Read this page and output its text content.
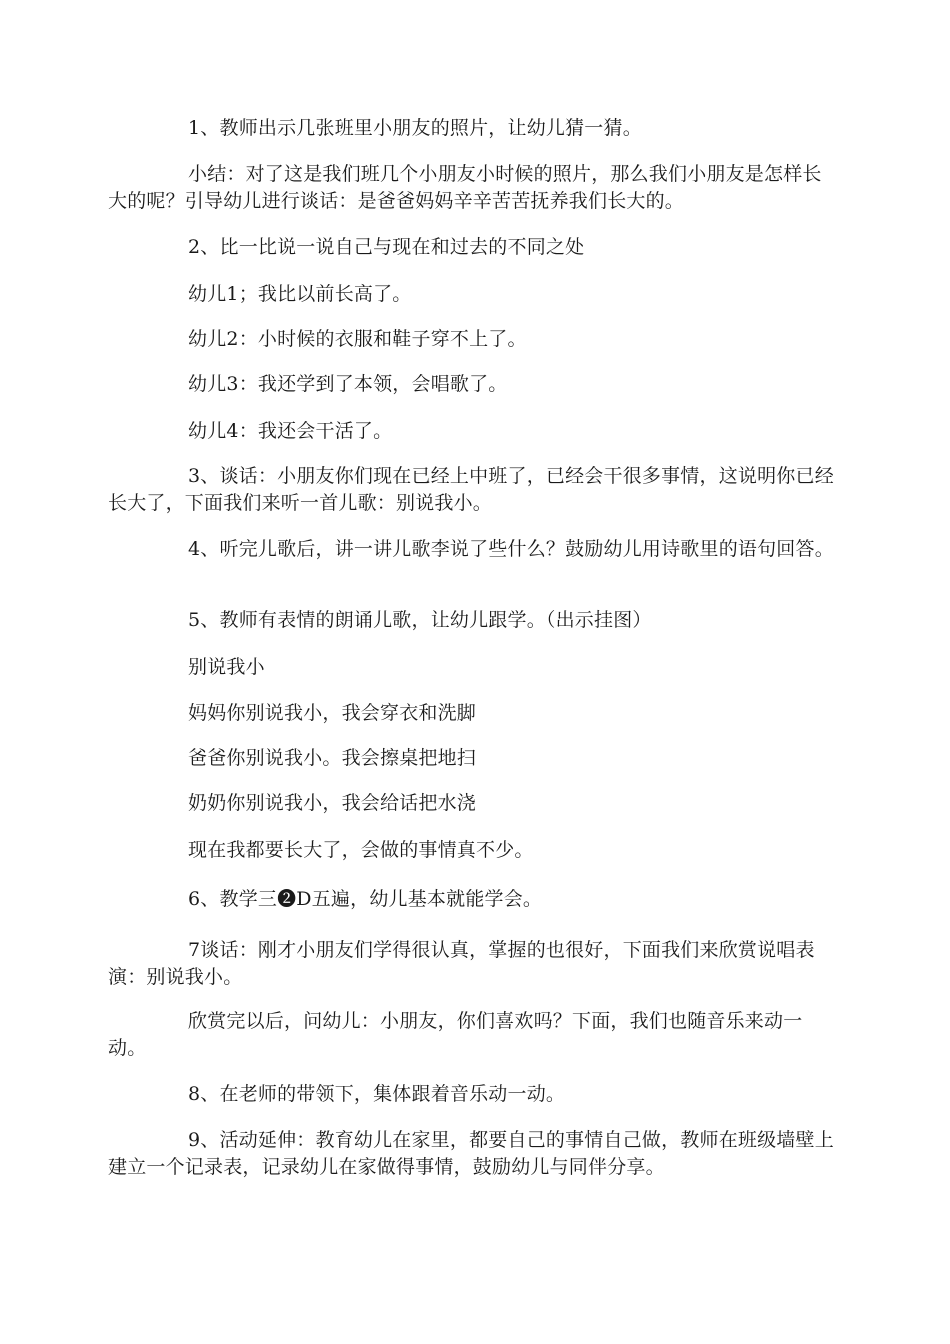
1、教师出示几张班里小朋友的照片，让幼儿猜一猜。

小结：对了这是我们班几个小朋友小时候的照片，那么我们小朋友是怎样长大的呢？引导幼儿进行谈话：是爸爸妈妈辛辛苦苦抚养我们长大的。

2、比一比说一说自己与现在和过去的不同之处

幼儿1；我比以前长高了。

幼儿2：小时候的衣服和鞋子穿不上了。

幼儿3：我还学到了本领，会唱歌了。

幼儿4：我还会干活了。

3、谈话：小朋友你们现在已经上中班了，已经会干很多事情，这说明你已经长大了，下面我们来听一首儿歌：别说我小。

4、听完儿歌后，讲一讲儿歌李说了些什么？鼓励幼儿用诗歌里的语句回答。

5、教师有表情的朗诵儿歌，让幼儿跟学。（出示挂图）

别说我小

妈妈你别说我小，我会穿衣和洗脚

爸爸你别说我小。我会擦桌把地扫

奶奶你别说我小，我会给话把水浇

现在我都要长大了，会做的事情真不少。

6、教学三❷D五遍，幼儿基本就能学会。

7谈话：刚才小朋友们学得很认真，掌握的也很好，下面我们来欣赏说唱表演：别说我小。

欣赏完以后，问幼儿：小朋友，你们喜欢吗？下面，我们也随音乐来动一动。

8、在老师的带领下，集体跟着音乐动一动。

9、活动延伸：教育幼儿在家里，都要自己的事情自己做，教师在班级墙壁上建立一个记录表，记录幼儿在家做得事情，鼓励幼儿与同伴分享。
